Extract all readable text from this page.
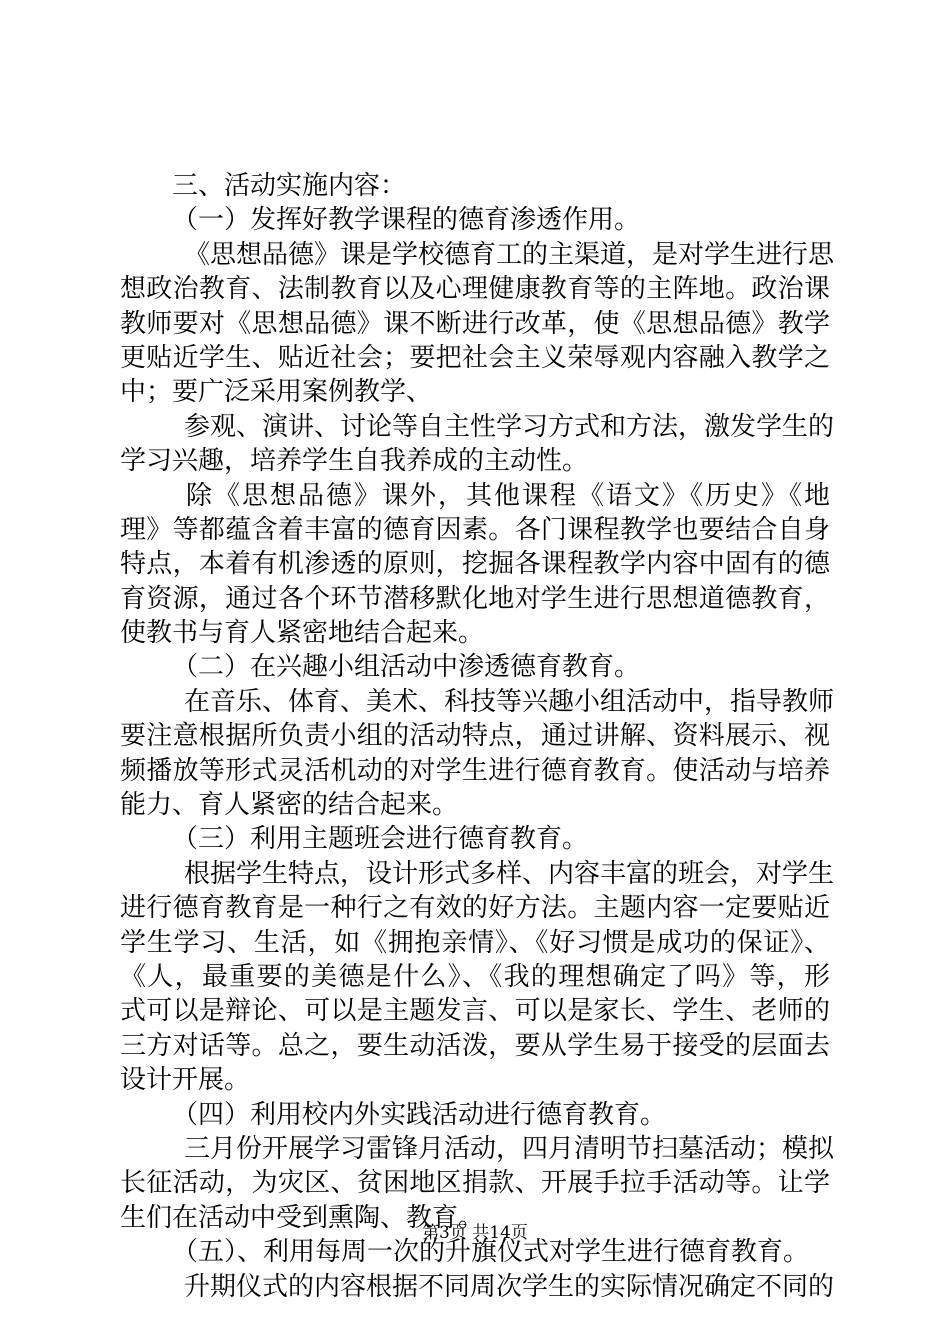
三、活动实施内容：
（一）发挥好教学课程的德育渗透作用。
《思想品德》课是学校德育工的主渠道，是对学生进行思
想政治教育、法制教育以及心理健康教育等的主阵地。政治课
教师要对《思想品德》课不断进行改革，使《思想品德》教学
更贴近学生、贴近社会；要把社会主义荣辱观内容融入教学之
中；要广泛采用案例教学、
参观、演讲、讨论等自主性学习方式和方法，激发学生的
学习兴趣，培养学生自我养成的主动性。
除《思想品德》课外，其他课程《语文》《历史》《地
理》等都蕴含着丰富的德育因素。各门课程教学也要结合自身
特点，本着有机渗透的原则，挖掘各课程教学内容中固有的德
育资源，通过各个环节潜移默化地对学生进行思想道德教育，
使教书与育人紧密地结合起来。
（二）在兴趣小组活动中渗透德育教育。
在音乐、体育、美术、科技等兴趣小组活动中，指导教师
要注意根据所负责小组的活动特点，通过讲解、资料展示、视
频播放等形式灵活机动的对学生进行德育教育。使活动与培养
能力、育人紧密的结合起来。
（三）利用主题班会进行德育教育。
根据学生特点，设计形式多样、内容丰富的班会，对学生
进行德育教育是一种行之有效的好方法。主题内容一定要贴近
学生学习、生活，如《拥抱亲情》、《好习惯是成功的保证》、
《人，最重要的美德是什么》、《我的理想确定了吗》等，形
式可以是辩论、可以是主题发言、可以是家长、学生、老师的
三方对话等。总之，要生动活泼，要从学生易于接受的层面去
设计开展。
（四）利用校内外实践活动进行德育教育。
三月份开展学习雷锋月活动，四月清明节扫墓活动；模拟
长征活动，为灾区、贫困地区捐款、开展手拉手活动等。让学
生们在活动中受到熏陶、教育。
（五）、利用每周一次的升旗仪式对学生进行德育教育。
升期仪式的内容根据不同周次学生的实际情况确定不同的
第3页 共14页
